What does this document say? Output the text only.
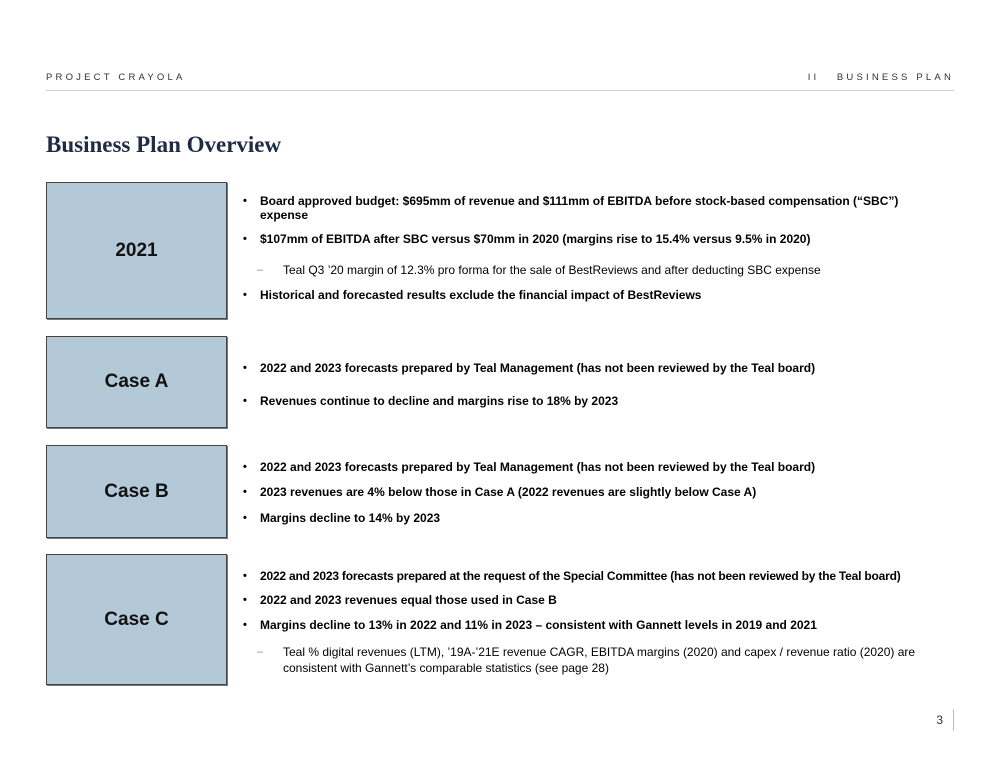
PROJECT CRAYOLA	II   BUSINESS PLAN
Business Plan Overview
2021
Case A
Case B
Case C
• Board approved budget: $695mm of revenue and $111mm of EBITDA before stock-based compensation (“SBC”) expense
• $107mm of EBITDA after SBC versus $70mm in 2020 (margins rise to 15.4% versus 9.5% in 2020)
– Teal Q3 ’20 margin of 12.3% pro forma for the sale of BestReviews and after deducting SBC expense
• Historical and forecasted results exclude the financial impact of BestReviews
• 2022 and 2023 forecasts prepared by Teal Management (has not been reviewed by the Teal board)
• Revenues continue to decline and margins rise to 18% by 2023
• 2022 and 2023 forecasts prepared by Teal Management (has not been reviewed by the Teal board)
• 2023 revenues are 4% below those in Case A (2022 revenues are slightly below Case A)
• Margins decline to 14% by 2023
• 2022 and 2023 forecasts prepared at the request of the Special Committee (has not been reviewed by the Teal board)
• 2022 and 2023 revenues equal those used in Case B
• Margins decline to 13% in 2022 and 11% in 2023 – consistent with Gannett levels in 2019 and 2021
– Teal % digital revenues (LTM), ’19A-’21E revenue CAGR, EBITDA margins (2020) and capex / revenue ratio (2020) are consistent with Gannett’s comparable statistics (see page 28)
3
